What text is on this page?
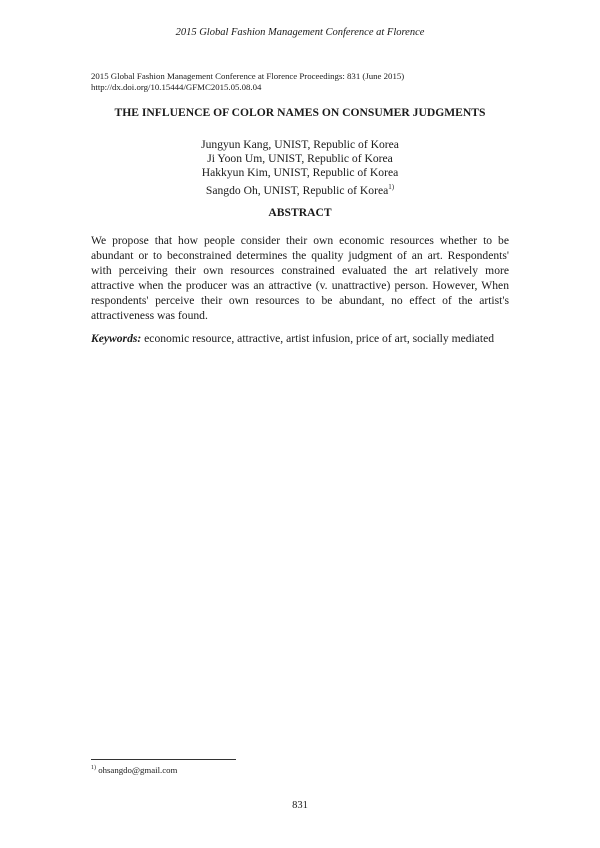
2015 Global Fashion Management Conference at Florence
2015 Global Fashion Management Conference at Florence Proceedings: 831 (June 2015)
http://dx.doi.org/10.15444/GFMC2015.05.08.04
THE INFLUENCE OF COLOR NAMES ON CONSUMER JUDGMENTS
Jungyun Kang, UNIST, Republic of Korea
Ji Yoon Um, UNIST, Republic of Korea
Hakkyun Kim, UNIST, Republic of Korea
Sangdo Oh, UNIST, Republic of Korea$^{1)}$
ABSTRACT

We propose that how people consider their own economic resources whether to be abundant or to beconstrained determines the quality judgment of an art. Respondents' with perceiving their own resources constrained evaluated the art relatively more attractive when the producer was an attractive (v. unattractive) person. However, When respondents' perceive their own resources to be abundant, no effect of the artist's attractiveness was found.

Keywords: economic resource, attractive, artist infusion, price of art, socially mediated

$^{1)}$ ohsangdo@gmail.com
831
